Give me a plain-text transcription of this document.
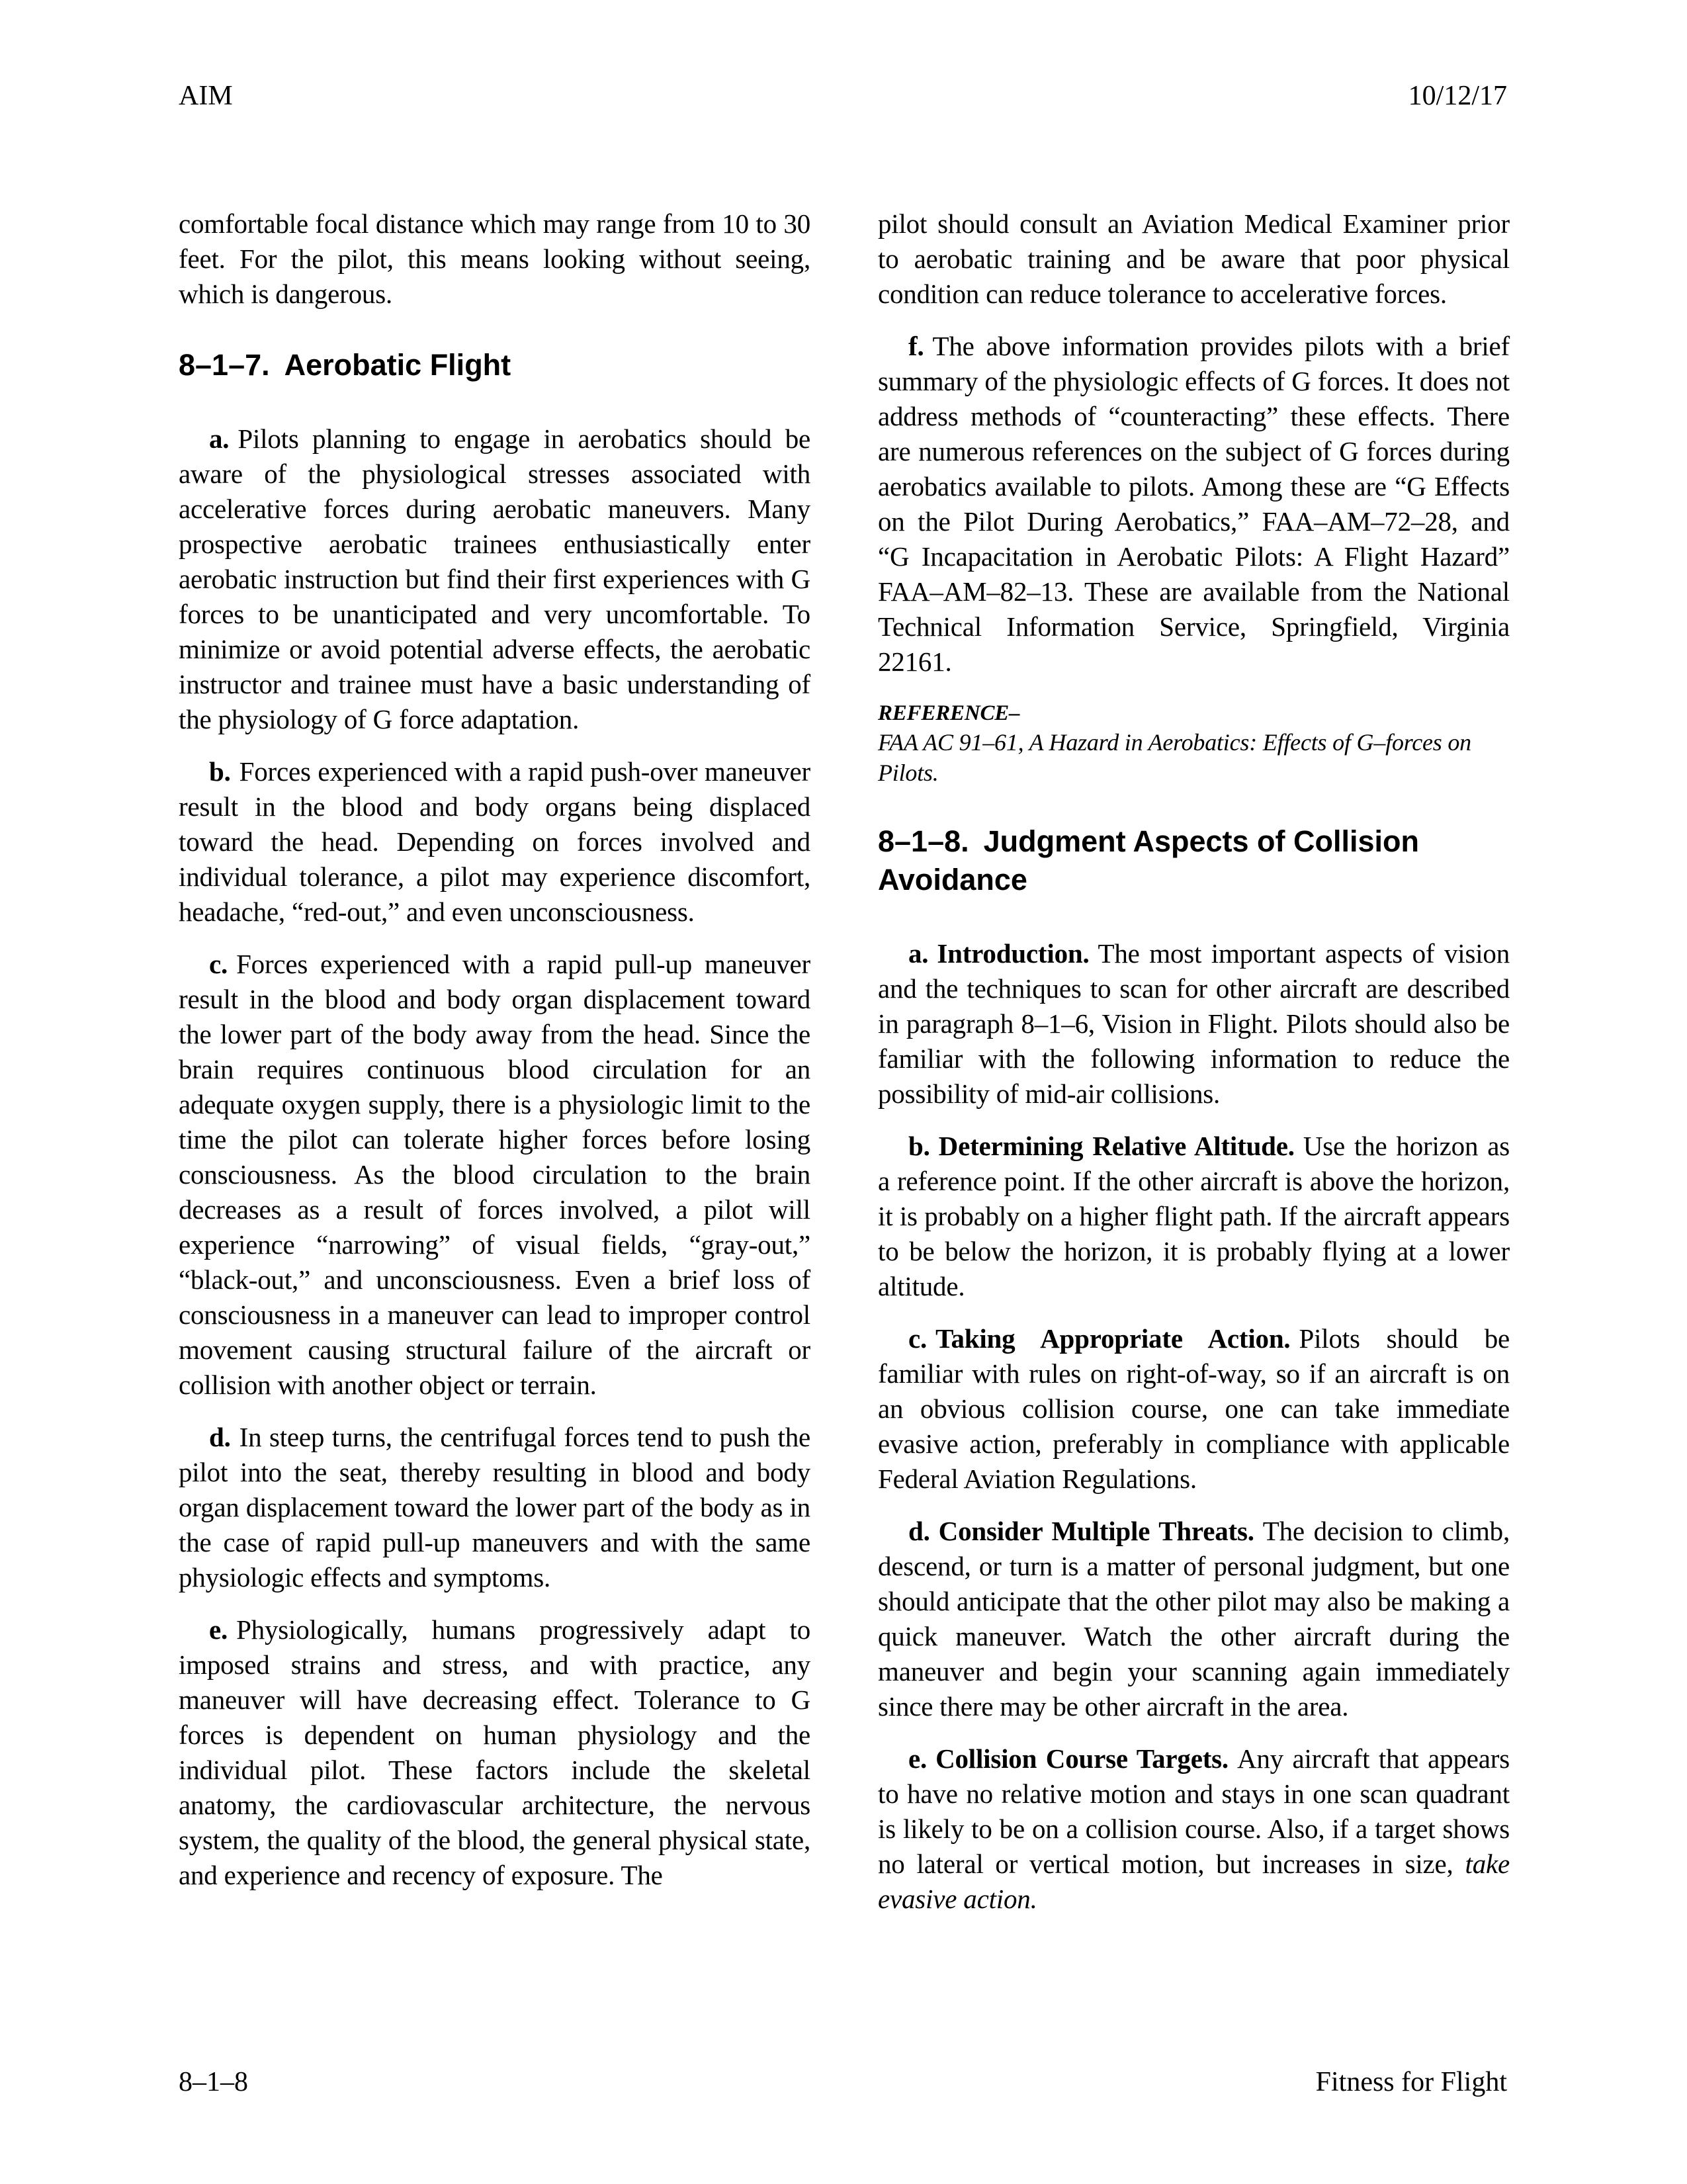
AIM	10/12/17

comfortable focal distance which may range from 10 to 30 feet. For the pilot, this means looking without seeing, which is dangerous.

8–1–7. Aerobatic Flight

a. Pilots planning to engage in aerobatics should be aware of the physiological stresses associated with accelerative forces during aerobatic maneuvers. Many prospective aerobatic trainees enthusiastically enter aerobatic instruction but find their first experiences with G forces to be unanticipated and very uncomfortable. To minimize or avoid potential adverse effects, the aerobatic instructor and trainee must have a basic understanding of the physiology of G force adaptation.

b. Forces experienced with a rapid push-over maneuver result in the blood and body organs being displaced toward the head. Depending on forces involved and individual tolerance, a pilot may experience discomfort, headache, “red-out,” and even unconsciousness.

c. Forces experienced with a rapid pull-up maneuver result in the blood and body organ displacement toward the lower part of the body away from the head. Since the brain requires continuous blood circulation for an adequate oxygen supply, there is a physiologic limit to the time the pilot can tolerate higher forces before losing consciousness. As the blood circulation to the brain decreases as a result of forces involved, a pilot will experience “narrowing” of visual fields, “gray-out,” “black-out,” and unconsciousness. Even a brief loss of consciousness in a maneuver can lead to improper control movement causing structural failure of the aircraft or collision with another object or terrain.

d. In steep turns, the centrifugal forces tend to push the pilot into the seat, thereby resulting in blood and body organ displacement toward the lower part of the body as in the case of rapid pull-up maneuvers and with the same physiologic effects and symptoms.

e. Physiologically, humans progressively adapt to imposed strains and stress, and with practice, any maneuver will have decreasing effect. Tolerance to G forces is dependent on human physiology and the individual pilot. These factors include the skeletal anatomy, the cardiovascular architecture, the nervous system, the quality of the blood, the general physical state, and experience and recency of exposure. The

pilot should consult an Aviation Medical Examiner prior to aerobatic training and be aware that poor physical condition can reduce tolerance to accelerative forces.

f. The above information provides pilots with a brief summary of the physiologic effects of G forces. It does not address methods of “counteracting” these effects. There are numerous references on the subject of G forces during aerobatics available to pilots. Among these are “G Effects on the Pilot During Aerobatics,” FAA–AM–72–28, and “G Incapacitation in Aerobatic Pilots: A Flight Hazard” FAA–AM–82–13. These are available from the National Technical Information Service, Springfield, Virginia 22161.

REFERENCE–

FAA AC 91–61, A Hazard in Aerobatics: Effects of G–forces on Pilots.

8–1–8. Judgment Aspects of Collision Avoidance

a. Introduction. The most important aspects of vision and the techniques to scan for other aircraft are described in paragraph 8–1–6, Vision in Flight. Pilots should also be familiar with the following information to reduce the possibility of mid-air collisions.

b. Determining Relative Altitude. Use the horizon as a reference point. If the other aircraft is above the horizon, it is probably on a higher flight path. If the aircraft appears to be below the horizon, it is probably flying at a lower altitude.

c. Taking Appropriate Action. Pilots should be familiar with rules on right-of-way, so if an aircraft is on an obvious collision course, one can take immediate evasive action, preferably in compliance with applicable Federal Aviation Regulations.

d. Consider Multiple Threats. The decision to climb, descend, or turn is a matter of personal judgment, but one should anticipate that the other pilot may also be making a quick maneuver. Watch the other aircraft during the maneuver and begin your scanning again immediately since there may be other aircraft in the area.

e. Collision Course Targets. Any aircraft that appears to have no relative motion and stays in one scan quadrant is likely to be on a collision course. Also, if a target shows no lateral or vertical motion, but increases in size, take evasive action.

8–1–8	Fitness for Flight
